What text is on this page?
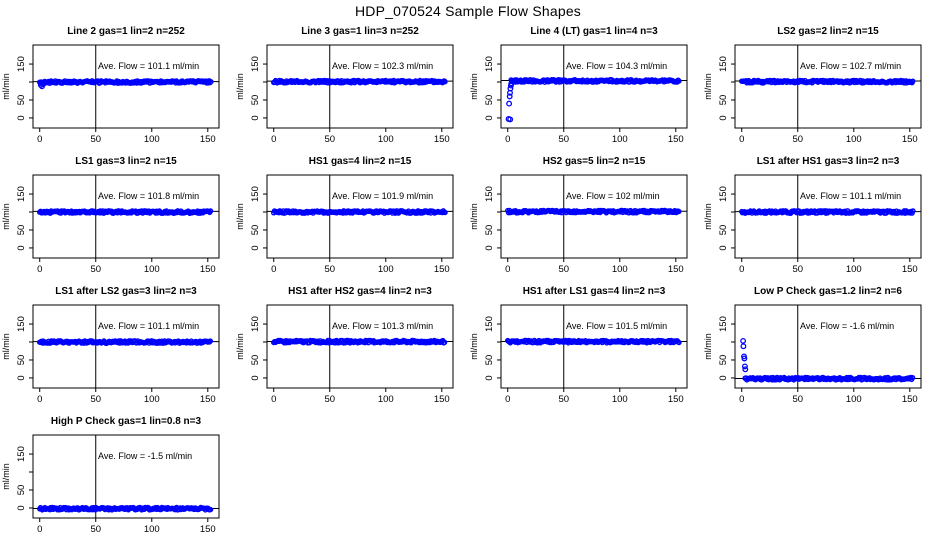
HDP_070524 Sample Flow Shapes
Line 2 gas=1 lin=2 n=252
0	50	100	150
0
50
150
ml/min
Ave. Flow = 101.1 ml/min
Line 3 gas=1 lin=3 n=252
0	50	100	150
0
50
150
ml/min
Ave. Flow = 102.3 ml/min
Line 4 (LT) gas=1 lin=4 n=3
0	50	100	150
0
50
150
ml/min
Ave. Flow = 104.3 ml/min
LS2 gas=2 lin=2 n=15
0	50	100	150
0
50
150
ml/min
Ave. Flow = 102.7 ml/min
LS1 gas=3 lin=2 n=15
0	50	100	150
0
50
150
ml/min
Ave. Flow = 101.8 ml/min
HS1 gas=4 lin=2 n=15
0	50	100	150
0
50
150
ml/min
Ave. Flow = 101.9 ml/min
HS2 gas=5 lin=2 n=15
0	50	100	150
0
50
150
ml/min
Ave. Flow = 102 ml/min
LS1 after HS1 gas=3 lin=2 n=3
0	50	100	150
0
50
150
ml/min
Ave. Flow = 101.1 ml/min
LS1 after LS2 gas=3 lin=2 n=3
0	50	100	150
0
50
150
ml/min
Ave. Flow = 101.1 ml/min
HS1 after HS2 gas=4 lin=2 n=3
0	50	100	150
0
50
150
ml/min
Ave. Flow = 101.3 ml/min
HS1 after LS1 gas=4 lin=2 n=3
0	50	100	150
0
50
150
ml/min
Ave. Flow = 101.5 ml/min
Low P Check gas=1.2 lin=2 n=6
0	50	100	150
0
50
150
ml/min
Ave. Flow = -1.6 ml/min
High P Check gas=1 lin=0.8 n=3
0	50	100	150
0
50
150
ml/min
Ave. Flow = -1.5 ml/min
